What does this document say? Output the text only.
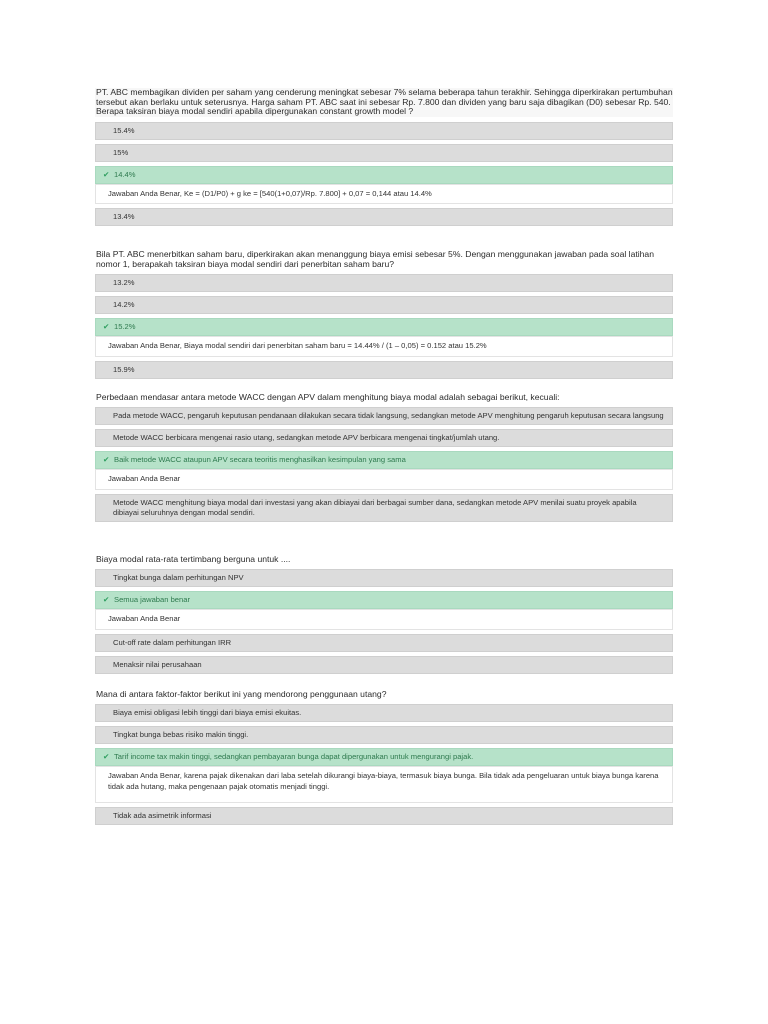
PT. ABC membagikan dividen per saham yang cenderung meningkat sebesar 7% selama beberapa tahun terakhir. Sehingga diperkirakan pertumbuhan tersebut akan berlaku untuk seterusnya. Harga saham PT. ABC saat ini sebesar Rp. 7.800 dan dividen yang baru saja dibagikan (D0) sebesar Rp. 540. Berapa taksiran biaya modal sendiri apabila dipergunakan constant growth model ?
15.4%
15%
✔ 14.4%
Jawaban Anda Benar, Ke = (D1/P0) + g ke = [540(1+0,07)/Rp. 7.800] + 0,07 = 0,144 atau 14.4%
13.4%
Bila PT. ABC menerbitkan saham baru, diperkirakan akan menanggung biaya emisi sebesar 5%. Dengan menggunakan jawaban pada soal latihan nomor 1, berapakah taksiran biaya modal sendiri dari penerbitan saham baru?
13.2%
14.2%
✔ 15.2%
Jawaban Anda Benar, Biaya modal sendiri dari penerbitan saham baru = 14.44% / (1 – 0,05) = 0.152 atau 15.2%
15.9%
Perbedaan mendasar antara metode WACC dengan APV dalam menghitung biaya modal adalah sebagai berikut, kecuali:
Pada metode WACC, pengaruh keputusan pendanaan dilakukan secara tidak langsung, sedangkan metode APV menghitung pengaruh keputusan secara langsung
Metode WACC berbicara mengenai rasio utang, sedangkan metode APV berbicara mengenai tingkat/jumlah utang.
✔ Baik metode WACC ataupun APV secara teoritis menghasilkan kesimpulan yang sama
Jawaban Anda Benar
Metode WACC menghitung biaya modal dari investasi yang akan dibiayai dari berbagai sumber dana, sedangkan metode APV menilai suatu proyek apabila dibiayai seluruhnya dengan modal sendiri.
Biaya modal rata-rata tertimbang berguna untuk ....
Tingkat bunga dalam perhitungan NPV
✔ Semua jawaban benar
Jawaban Anda Benar
Cut-off rate dalam perhitungan IRR
Menaksir nilai perusahaan
Mana di antara faktor-faktor berikut ini yang mendorong penggunaan utang?
Biaya emisi obligasi lebih tinggi dari biaya emisi ekuitas.
Tingkat bunga bebas risiko makin tinggi.
✔ Tarif income tax makin tinggi, sedangkan pembayaran bunga dapat dipergunakan untuk mengurangi pajak.
Jawaban Anda Benar, karena pajak dikenakan dari laba setelah dikurangi biaya-biaya, termasuk biaya bunga. Bila tidak ada pengeluaran untuk biaya bunga karena tidak ada hutang, maka pengenaan pajak otomatis menjadi tinggi.
Tidak ada asimetrik informasi
